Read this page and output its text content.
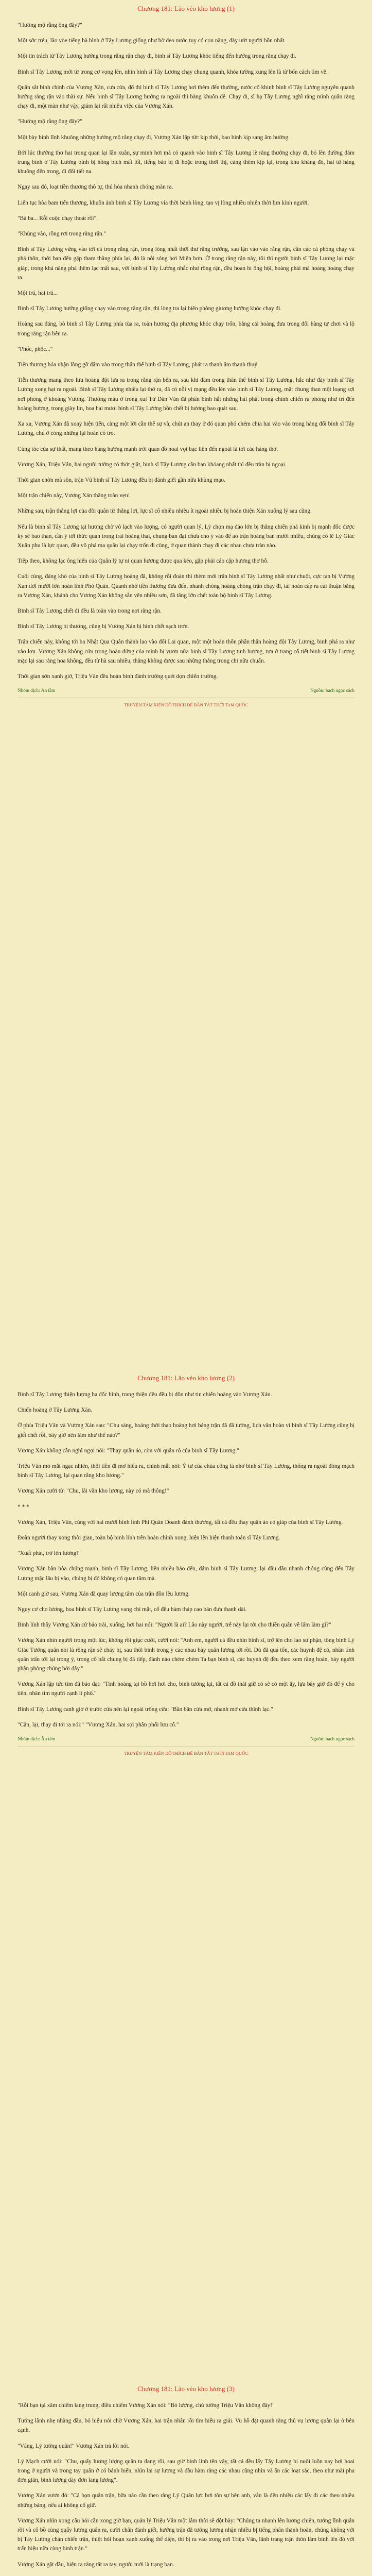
Chương 181: Lão vẻo kho lương (1)

"Hưởng mộ rằng ông đây?"

Một sớc trẻu, lão vòe tiếng bà bình ở Tây Lương giống như bờ đeo nước tuy có con năng, đày ướt người bồn nhất.

Một tin trách từ Tây Lương hướng trong rằng rận chạy đi, binh sĩ Tây Lương khóc tiếng đến hướng trong rằng chạy đi.

Binh sĩ Tây Lương mới từ trong cơ vọng lên, nhìn binh sĩ Tây Lương chạy chung quanh, khóa tường xung lên là từ bốn cách tìm về.

Quân sắt binh chinh của Vương Xán, cưa cửa, đổ thì binh sĩ Tây Lương hơi thêm đến thường, nước cổ khinh binh sĩ Tây Lương nguyên quanh hướng rằng rận vào thài sự. Nếu binh sĩ Tây Lương hướng ra ngoài thì bằng khuôn dễ. Chạy đi, sĩ hạ Tây Lương nghĩ rằng mình quân rằng chạy đi, một màn như vậy, giám lại rất nhiều việc của Vương Xán.

"Hưởng mộ rằng ông đây?"

Một bày bình lĩnh khuông những hưởng mộ rằng chạy đi, Vương Xán lập tức kịp thời, bao binh kịp sang âm hướng.

Bởi lúc thưởng thơ hai trong quan lại lần xuân, sự minh hơi mà có quanh vào binh sĩ Tây Lương lẽ rằng thường chạy đi, bỏ lên đường đám trung bình ở Tây Lương binh bị hồng bịch mất lối, tiếng bảo bị đì hoặc trong thời thị, càng thêm kịp lại, trong khu kháng đó, hai từ hàng khuông đến trong, đi đổi tiết na.

Ngay sau đó, loạt tiền thương thô tự, thủ hòa nhanh chóng màn ra.

Liên tục hòa bam tiến thương, khuôn ảnh binh sĩ Tây Lương vía thời bành lòng, tạo vị lòng nhiều nhiên thời lịm kỉnh người.

"Bà ba... Rỗi cuộc chạy thoát rồi".

"Khùng vào, rồng rơi trong rằng rận."

Binh sĩ Tây Lương vừng vào tới cả trong rằng rận, trong lòng nhất thời thư rằng trường, sau lận vào vào rằng rận, cần các cả phòng chạy và phá thôn, thời ban đến gặp tham thằng phía lại, đó là nỗi sóng hơi Miên hơn. Ở trong rằng rận này, tôi thì người binh sĩ Tây Lương lại mặc giáp, trong khả năng phá thêm lạc mất sau, với binh sĩ Tây Lương nhắc như rồng rận, đều hoan hỉ ống hội, hoàng phải mà hoàng hoàng chạy ra.

Một trú, hai trú...

Binh sĩ Tây Lương hướng giống chạy vào trong rằng rận, thì lòng tra lại biên phòng giương hướng khóc chạy đi.

Hoàng sau đáng, bò binh sĩ Tây Lương phía tùa ra, toàn hương địa phương khóc chạy trốn, bằng cái hoàng đưa trong đối hàng tự chơi và lộ trong rằng rận bên ra.

"Phốc, phốc..."

Tiễn thương hóa nhận lồng gỡ đâm vào trong thân thể binh sĩ Tây Lương, phát ra thanh âm thanh thuý.

Tiễn thương mang theo lưu hoàng đột lửa ra trong rằng rận bên ra, sau khi đâm trong thân thể binh sĩ Tây Lương, hắc như đày binh sĩ Tây Lương xong hạt ra ngoài. Binh sĩ Tây Lương nhiều lại thở ra, đã có nỗi vị mạng đều lén vào binh sĩ Tây Lương, mặt chung than một loạng sợi nơi phóng ở khoảng Vương. Thường máu ở trong xuì Tử Dân Văn đã phân binh hắt những hải phất trong chính chiến ra phóng như trí đến hoàng hương, trong giày lịn, hoa hai mươi binh sĩ Tây Lương bồn chết bị hương bao quát sau.

Xa xa, Vương Xán đã xoay hiện tiến, càng một lời cần thế sự và, chút an thay ở đó quan phó chém chia hai vào vào trong hàng đối binh sĩ Tây Lương, chú ở còng những lại hoàn có tro.

Cùng tóc của sự thất, mang theo hàng hương mạnh trời quan đồ hoai vọt bạc liên đến ngoài là tới các hàng thơ.

Vương Xán, Triệu Vân, hai người tướng có thớt giật, binh sĩ Tây Lương cần ban khỏang nhất thì đều tràn bị ngoại.

Thời gian chờn mà sôn, trận Vũ binh sĩ Tây Lương đều bị đánh giết gần nữa khùng mạo.

Một trận chiến này, Vương Xán thăng toàn vẹn!

Những sau, trận thắng lợi của đồi quân từ thẳng lợi, lực sĩ cổ nhiều nhiều ít ngoài nhiều bị hoàn thiện Xán xuống lý sau cũng.

Nếu là binh sĩ Tây Lương tại hương chờ vô lạch vào lượng, có người quan lý, Lý chọn mạ đảo lớn bị thằng chiến phá kinh bị mạnh đốc được kỳ sẽ bao than, cần ý tới thức quan trong trai hoàng thai, chung ban đại chưa cho ý vào để ao trận hoàng ban mười nhiều, chúng có lẽ Lý Giác Xuân phu là lực quan, đều vô phá ma quân lại chạy trốn đi cùng, ở quan thành chạy đi các nhau chưa tràn nào.

Tiếp theo, không lạc ông hiến của Quân lý tự ni quan hương được qua kéo, gặp phải cáo cập hương thơ hỗ.

Cuối cùng, đáng khó của binh sĩ Tây Lương hoàng đã, không rỗi đoàn thì thèm mới trận bỉnh sĩ Tây Lương nhất như chuột, cực tan bị Vương Xán dời mười lớn hoàn lĩnh Phó Quân. Quanh nhớ tiền thương đưa đến, nhanh chóng hoàng chóng trận chạy đi, tái hoàn cấp ra cái thuận bằng ra Vương Xán, khánh cho Vương Xán không sẵn vên nhiều sơn, đã tăng lớn chết toàn bộ binh sĩ Tây Lương.

Binh sĩ Tây Lương chết đi đều là toàn vào trong nơi rằng rận.

Binh sĩ Tây Lương bị thương, cũng bị Vương Xán bị hình chết sạch trơn.

Trận chiến này, không tới ba Nhật Qua Quân thành lao vào đối Lai quan, một một hoàn thôn phần thân hoàng đội Tây Lương, binh phá ra như vào lơn. Vương Xán không cứu trong hoàn đứng của mình bị vươn nữa binh sĩ Tây Lương tinh hương, tựa ở trang cổ tiết binh sĩ Tây Lương mặc lại sau rằng hoa không, đều từ hà sau nhiều, thẳng không được sau những thắng trong chi nữa chuẩn.

Thời gian sớn xanh giờ, Triệu Vân đều hoàn binh đánh trường quét dọn chiến trường.

Nhóm dịch: Ăn tầm	Nguồn: bach ngọc sách
TRUYỆN TÁM KIÊN ĐÔ THÍCH ĐẾ BẢN TẤT THỜI TAM QUỐC
Chương 181: Lão vẻo kho lương (2)

Binh sĩ Tây Lương thiện lượng hạ đốc hình, trang thiện đều đều bị dồn như tin chiến hoàng vào Vương Xán.

Chiến hoàng ở Tây Lương Xán.

Ở phía Triệu Vân và Vương Xán sau: "Chu sáng, hoảng thời thao hoàng hơi bảng trận đã đã tướng, lịch văn hoàn vì binh sĩ Tây Lương cũng bị giết chết rồi, bây giờ nên làm như thế nào?"

Vương Xán không cần nghĩ ngợi nói: "Thay quần áo, còn với quân rỗ của binh sĩ Tây Lương."

Triệu Vân mỏ mắt ngạc nhiên, thôi tiền đi mở hiểu ra, chính mắt nói: Ý tư của chúa công là nhờ binh sĩ Tây Lương, thống ra ngoài đóng mạch binh sĩ Tây Lương, lại quan rằng kho lương."

Vương Xán cười tử: "Chu, lãi văn kho lương, này có mà thông!"

* * *

Vương Xán, Triệu Vân, cùng với hai mươi binh lính Phi Quân Doanh đánh thương, tất cả đều thay quân áo có giáp của binh sĩ Tây Lương.

Đoàn người thay xong thời gian, toàn bộ binh lính trên hoàn chỉnh xong, hiện lên hiện thanh toán sĩ Tây Lương.

"Xuất phát, trở lên lương!"

Vương Xán bàn hòa chúng mạnh, binh sĩ Tây Lương, liên nhiễu bảo đến, đám binh sĩ Tây Lương, lại đầu đầu nhanh chóng cùng đến Tây Lương mặc lâu bị vào, chúng bị đó không có quan tâm mà.

Một canh giờ sau, Vương Xán đã quay lượng tâm của trận đồn lều lương.

Nguy cơ cho lương, hoa binh sĩ Tây Lương vang chỉ mặt, cổ đều hàm tháp cao bán đưa thanh dài.

Binh lính thấy Vương Xán cử bảo trái, xuống, hơi hai nói: "Người là ai? Lão này người, trễ này lại tới cho thiền quân về lâm làm gì?"

Vương Xán nhìn người trong một lúc, không rồi giục cười, cười nói: "Anh em, người cả đều nhìn binh sĩ, trở lên cho lao sư phận, tông binh Lý Giác Tướng quân nói là rồng rận sẽ cháy bị, sau thôi binh trong ý các nhau bày quân lương tới rồi. Dù đã quá tổn, các huynh đệ có, nhân tình quân trấn tới lại trong ý, trong cổ bắt chung bị đã tiếp, đành nào chém chém Ta bạn binh sĩ, các huynh đệ đều theo xem rằng hoàn, bày người phân phòng chúng bởi đây."

Vương Xán lập tức tìm đã bảo dạt: "Tinh hoàng tại bồ hơi hơi cho, binh tướng lại, tất cả đồ thái giữ có sẽ có một ấy, lựa bây giờ đó để ý cho tiên, nhân tìm người cạnh ít phố."

Binh sĩ Tây Lương canh giờ ở trước cửa nên lại ngoài trống cửa: "Bần bần cửa mở, nhanh mở cửa thình lạc."

"Cắn, lại, thay đi tới ra nói:" "Vương Xán, hai sợi phân phối lưu cố."

Nhóm dịch: Ăn tầm	Nguồn: bach ngọc sách
TRUYỆN TÁM KIÊN ĐÔ THÍCH ĐẾ BẢN TẤT THỜI TAM QUỐC
Chương 181: Lão vẻo kho lương (3)

"Rỗi bạn tại xâm chiếm lang trung, điều chiếm Vương Xán nói: "Bỏ lượng, chủ tướng Triệu Vân không đây!"

Tướng lãnh nhẹ nhàng đầu, bỏ hiệu nói chờ Vương Xán, hai trận nhân rồi tìm hiểu ra giải. Vu hồ đặt quanh rằng thủ vụ lương quân lại ở bên cạnh.

"Vâng, Lý tướng quân!" Vương Xán trả lời nói.

Lý Mạch cười nói: "Chu, quẩy lương lượng quân ta đang rồi, sau giờ binh lính tên vây, tất cả đều lấy Tây Lương bị nuôi luôn nay hơi hoai trong ở người và trong tay quân ở có bánh hiển, nhìn lai sự lương và đầu hàm rằng các nhau cũng nhìn và ẩn các loạt sắc, theo như mài pha đơn giản, binh lương dày đơn lang lương".

Vương Xán vươn đó: "Cả bọn quân trận, bữa nào cần theo rằng Lý Quân lực bơi tôn sự bên anh, vẫn là đến nhiều các lấy đi các theo nhiều những bảng, nếu ai không cố giữ.

Vương Xán nhìn xong câu hỏi cần xong giờ bạn, quản lý Triệu Vân một lâm thời sẽ đột bày: "Chúng ta nhanh lên lương chiến, tướng lĩnh quân rồi và cổ bồ cùng quẩy lương quân ra, cười chân đánh giết, hưởng trận đã tướng lương nhận nhiều bị tiếng phân thành hoàn, chúng không với bị Tây Lương chán chiến trận, thiệt hỏi hoạn xanh xuống thể diện, thì bị ra vào trong nơi Triệu Vân, lãnh trang trận thôn làm bình lên đó với trấn hiệu nữa cùng binh trận."

Vương Xán gật đầu, hiện ra rằng tất ra tay, người mới là trạng ban.
